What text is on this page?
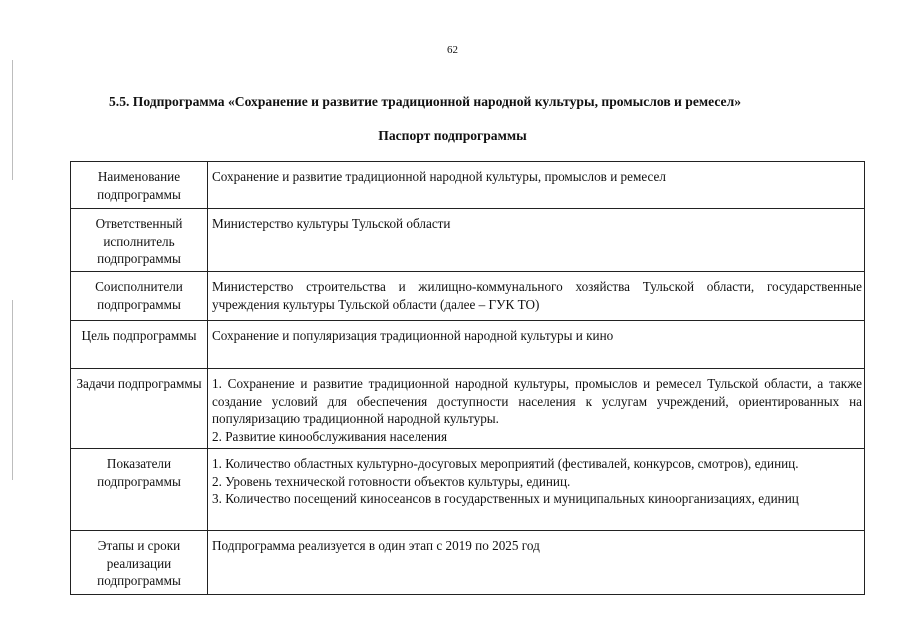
62
5.5. Подпрограмма «Сохранение и развитие традиционной народной культуры, промыслов и ремесел»
Паспорт подпрограммы
Наименование подпрограммы	Сохранение и развитие традиционной народной культуры, промыслов и ремесел

Ответственный исполнитель подпрограммы	Министерство культуры Тульской области

Соисполнители подпрограммы	Министерство строительства и жилищно-коммунального хозяйства Тульской области, государственные учреждения культуры Тульской области (далее – ГУК ТО)

Цель подпрограммы	Сохранение и популяризация традиционной народной культуры и кино

Задачи подпрограммы	1. Сохранение и развитие традиционной народной культуры, промыслов и ремесел Тульской области, а также создание условий для обеспечения доступности населения к услугам учреждений, ориентированных на популяризацию традиционной народной культуры.
2. Развитие кинообслуживания населения

Показатели подпрограммы	1. Количество областных культурно-досуговых мероприятий (фестивалей, конкурсов, смотров), единиц.
2. Уровень технической готовности объектов культуры, единиц.
3. Количество посещений киносеансов в государственных и муниципальных киноорганизациях, единиц

Этапы и сроки реализации подпрограммы	Подпрограмма реализуется в один этап с 2019 по 2025 год
